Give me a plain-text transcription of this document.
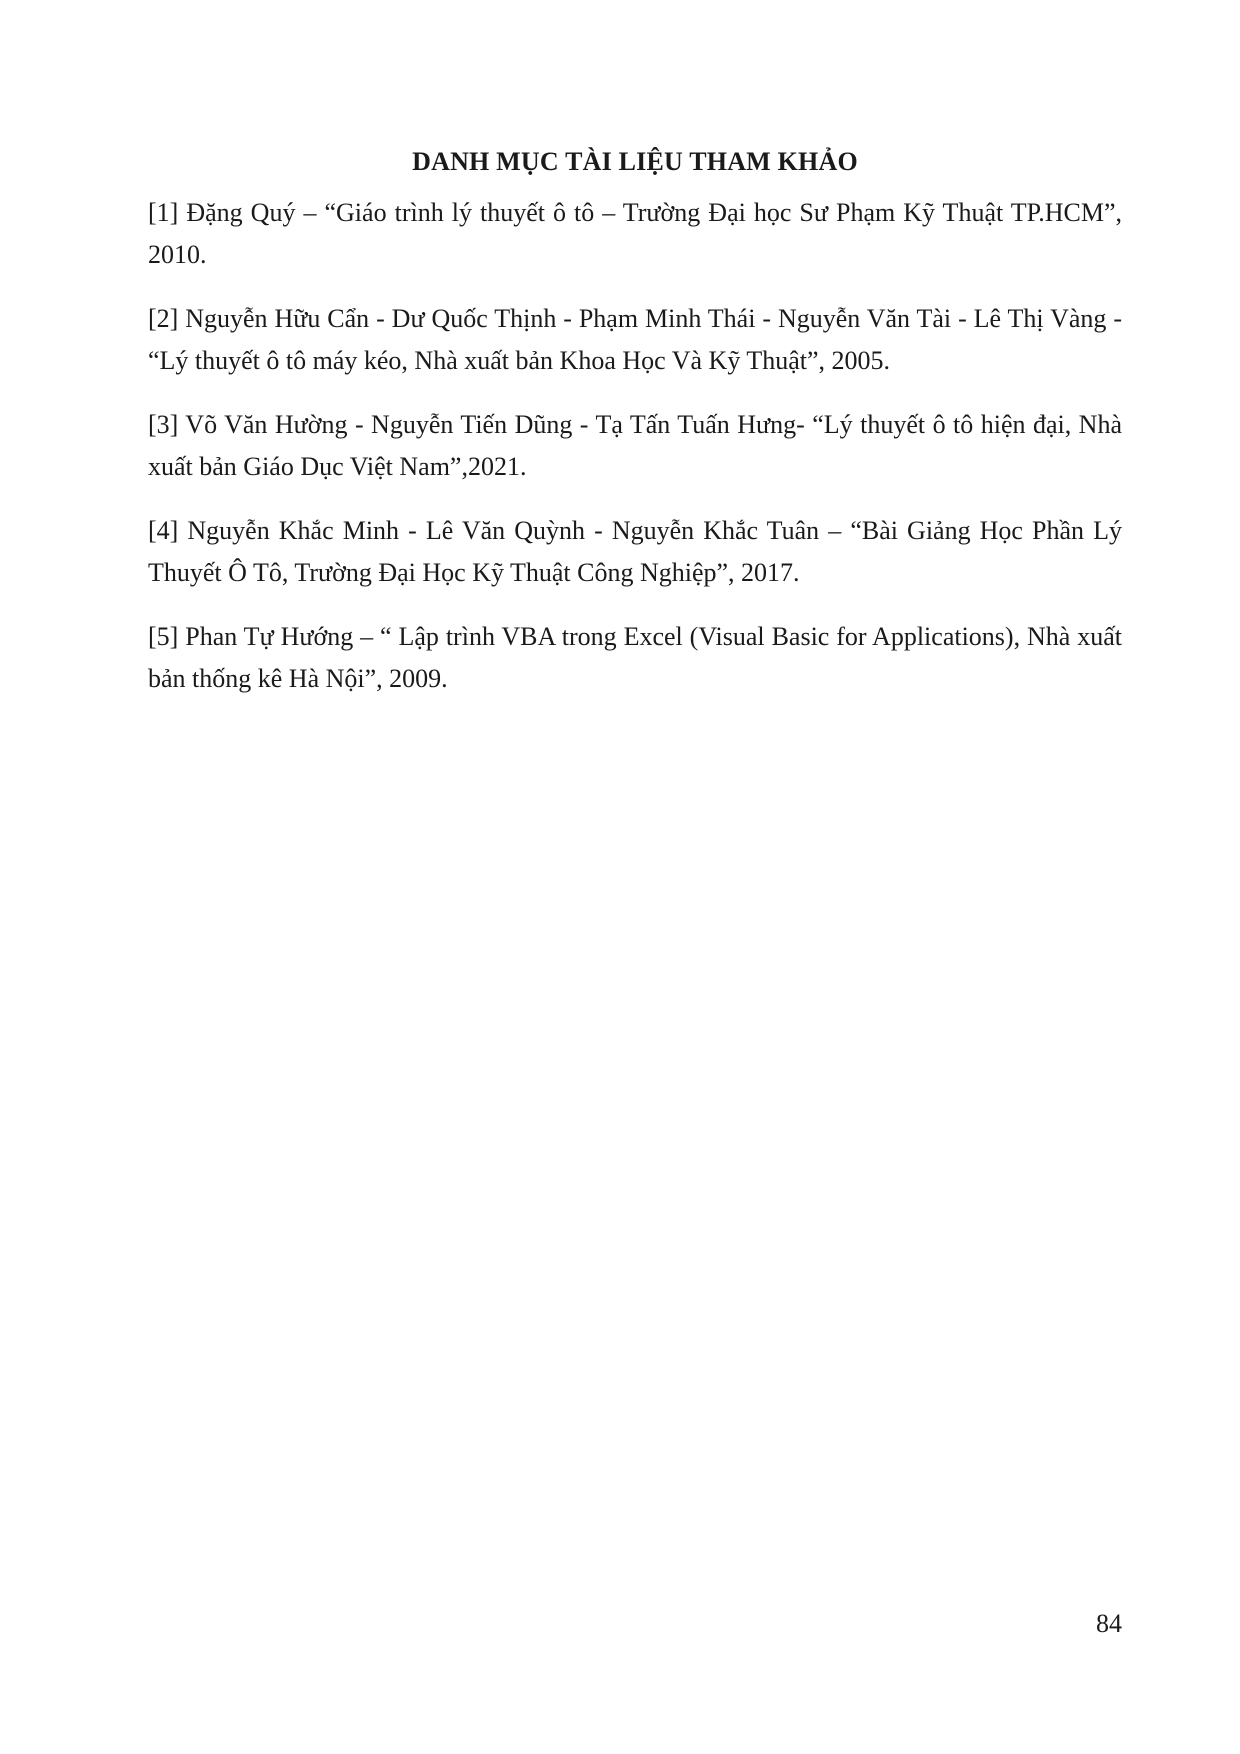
DANH MỤC TÀI LIỆU THAM KHẢO
[1] Đặng Quý – “Giáo trình lý thuyết ô tô – Trường Đại học Sư Phạm Kỹ Thuật TP.HCM”, 2010.
[2] Nguyễn Hữu Cẩn - Dư Quốc Thịnh - Phạm Minh Thái - Nguyễn Văn Tài - Lê Thị Vàng - “Lý thuyết ô tô máy kéo, Nhà xuất bản Khoa Học Và Kỹ Thuật”, 2005.
[3] Võ Văn Hường - Nguyễn Tiến Dũng - Tạ Tấn Tuấn Hưng- “Lý thuyết ô tô hiện đại, Nhà xuất bản Giáo Dục Việt Nam”,2021.
[4] Nguyễn Khắc Minh - Lê Văn Quỳnh - Nguyễn Khắc Tuân – “Bài Giảng Học Phần Lý Thuyết Ô Tô, Trường Đại Học Kỹ Thuật Công Nghiệp”, 2017.
[5] Phan Tự Hướng – “ Lập trình VBA trong Excel (Visual Basic for Applications), Nhà xuất bản thống kê Hà Nội”, 2009.
84
